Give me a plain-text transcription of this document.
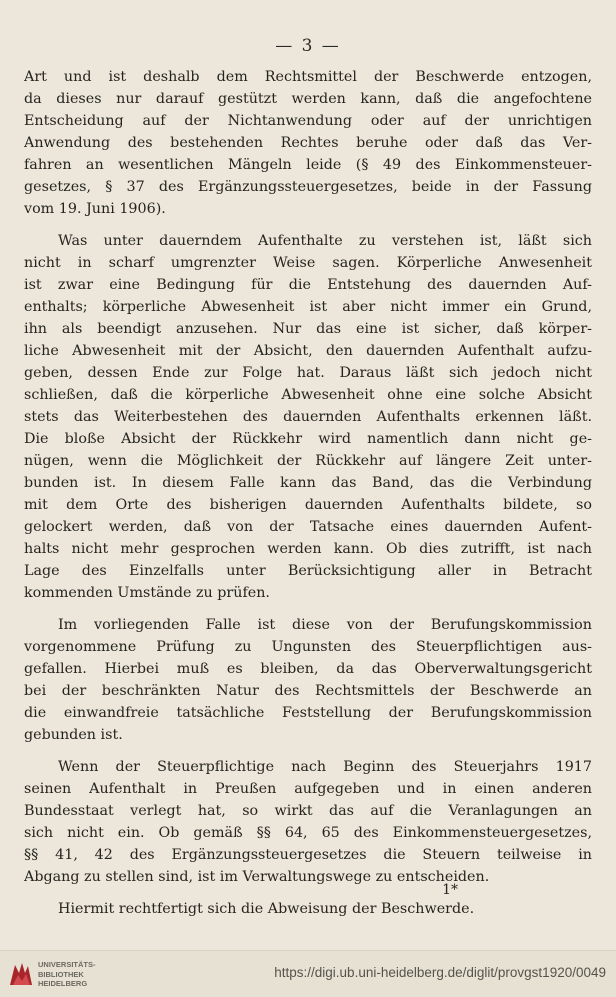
— 3 —
Art und ist deshalb dem Rechtsmittel der Beschwerde entzogen,
da dieses nur darauf gestützt werden kann, daß die angefochtene
Entscheidung auf der Nichtanwendung oder auf der unrichtigen
Anwendung des bestehenden Rechtes beruhe oder daß das Ver-
fahren an wesentlichen Mängeln leide (§ 49 des Einkommensteuer-
gesetzes, § 37 des Ergänzungssteuergesetzes, beide in der Fassung
vom 19. Juni 1906).
Was unter dauerndem Aufenthalte zu verstehen ist, läßt sich
nicht in scharf umgrenzter Weise sagen. Körperliche Anwesenheit
ist zwar eine Bedingung für die Entstehung des dauernden Auf-
enthalts; körperliche Abwesenheit ist aber nicht immer ein Grund,
ihn als beendigt anzusehen. Nur das eine ist sicher, daß körper-
liche Abwesenheit mit der Absicht, den dauernden Aufenthalt aufzu-
geben, dessen Ende zur Folge hat. Daraus läßt sich jedoch nicht
schließen, daß die körperliche Abwesenheit ohne eine solche Absicht
stets das Weiterbestehen des dauernden Aufenthalts erkennen läßt.
Die bloße Absicht der Rückkehr wird namentlich dann nicht ge-
nügen, wenn die Möglichkeit der Rückkehr auf längere Zeit unter-
bunden ist. In diesem Falle kann das Band, das die Verbindung
mit dem Orte des bisherigen dauernden Aufenthalts bildete, so
gelockert werden, daß von der Tatsache eines dauernden Aufent-
halts nicht mehr gesprochen werden kann. Ob dies zutrifft, ist nach
Lage des Einzelfalls unter Berücksichtigung aller in Betracht
kommenden Umstände zu prüfen.
Im vorliegenden Falle ist diese von der Berufungskommission
vorgenommene Prüfung zu Ungunsten des Steuerpflichtigen aus-
gefallen. Hierbei muß es bleiben, da das Oberverwaltungsgericht
bei der beschränkten Natur des Rechtsmittels der Beschwerde an
die einwandfreie tatsächliche Feststellung der Berufungskommission
gebunden ist.
Wenn der Steuerpflichtige nach Beginn des Steuerjahrs 1917
seinen Aufenthalt in Preußen aufgegeben und in einen anderen
Bundesstaat verlegt hat, so wirkt das auf die Veranlagungen an
sich nicht ein. Ob gemäß §§ 64, 65 des Einkommensteuergesetzes,
§§ 41, 42 des Ergänzungssteuergesetzes die Steuern teilweise in
Abgang zu stellen sind, ist im Verwaltungswege zu entscheiden.
Hiermit rechtfertigt sich die Abweisung der Beschwerde.
1*
UNIVERSITÄTS-
BIBLIOTHEK
HEIDELBERG
https://digi.ub.uni-heidelberg.de/diglit/provgst1920/0049
